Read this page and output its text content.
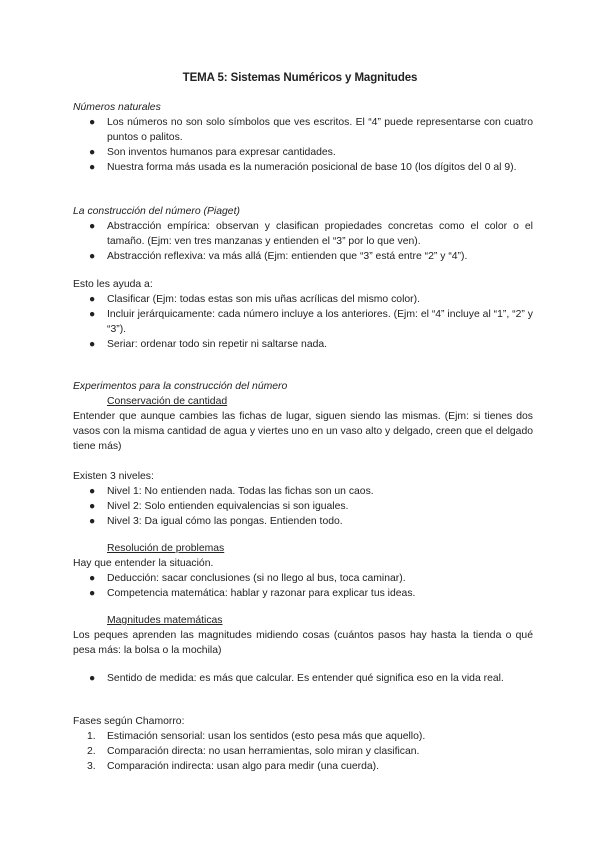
TEMA 5: Sistemas Numéricos y Magnitudes

Números naturales

●	Los números no son solo símbolos que ves escritos. El “4” puede representarse con cuatro puntos o palitos.
●	Son inventos humanos para expresar cantidades.
●	Nuestra forma más usada es la numeración posicional de base 10 (los dígitos del 0 al 9).

La construcción del número (Piaget)

●	Abstracción empírica: observan y clasifican propiedades concretas como el color o el tamaño. (Ejm: ven tres manzanas y entienden el “3” por lo que ven).
●	Abstracción reflexiva: va más allá (Ejm: entienden que “3” está entre “2” y “4”).

Esto les ayuda a:

●	Clasificar (Ejm: todas estas son mis uñas acrílicas del mismo color).
●	Incluir jerárquicamente: cada número incluye a los anteriores. (Ejm: el “4” incluye al “1”, “2” y “3”).
●	Seriar: ordenar todo sin repetir ni saltarse nada.

Experimentos para la construcción del número

Conservación de cantidad

Entender que aunque cambies las fichas de lugar, siguen siendo las mismas. (Ejm: si tienes dos vasos con la misma cantidad de agua y viertes uno en un vaso alto y delgado, creen que el delgado tiene más)

Existen 3 niveles:

●	Nivel 1: No entienden nada. Todas las fichas son un caos.
●	Nivel 2: Solo entienden equivalencias si son iguales.
●	Nivel 3: Da igual cómo las pongas. Entienden todo.

Resolución de problemas

Hay que entender la situación.

●	Deducción: sacar conclusiones (si no llego al bus, toca caminar).
●	Competencia matemática: hablar y razonar para explicar tus ideas.

Magnitudes matemáticas

Los peques aprenden las magnitudes midiendo cosas (cuántos pasos hay hasta la tienda o qué pesa más: la bolsa o la mochila)

●	Sentido de medida: es más que calcular. Es entender qué significa eso en la vida real.

Fases según Chamorro:

1.	Estimación sensorial: usan los sentidos (esto pesa más que aquello).
2.	Comparación directa: no usan herramientas, solo miran y clasifican.
3.	Comparación indirecta: usan algo para medir (una cuerda).
